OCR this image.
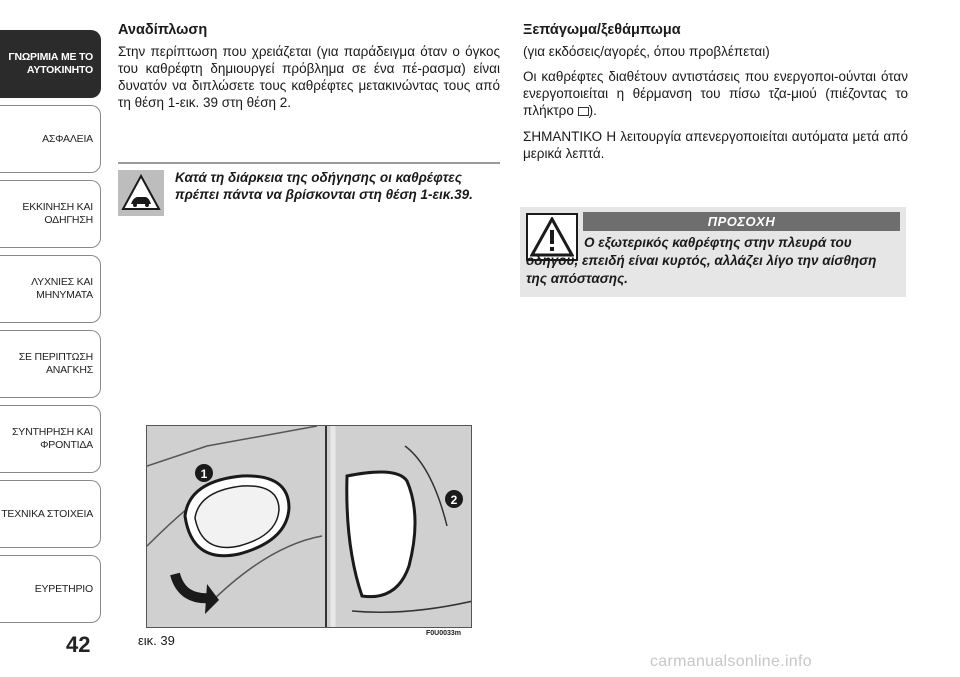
ΓΝΩΡΙΜΙΑ ΜΕ ΤΟ
ΑΥΤΟΚΙΝΗΤΟ
ΑΣΦΑΛΕΙΑ
ΕΚΚΙΝΗΣΗ ΚΑΙ
ΟΔΗΓΗΣΗ
ΛΥΧΝΙΕΣ ΚΑΙ
ΜΗΝΥΜΑΤΑ
ΣΕ ΠΕΡΙΠΤΩΣΗ
ΑΝΑΓΚΗΣ
ΣΥΝΤΗΡΗΣΗ ΚΑΙ
ΦΡΟΝΤΙΔΑ
ΤΕΧΝΙΚΑ ΣΤΟΙΧΕΙΑ
ΕΥΡΕΤΗΡΙΟ
42
Αναδίπλωση

Στην περίπτωση που χρειάζεται (για παράδειγμα όταν ο όγκος του καθρέφτη δημιουργεί πρόβλημα σε ένα πέ-ρασμα) είναι δυνατόν να διπλώσετε τους καθρέφτες μετακινώντας τους από τη θέση 1-εικ. 39 στη θέση 2.

Κατά τη διάρκεια της οδήγησης οι καθρέφτες πρέπει πάντα να βρίσκονται στη θέση 1-εικ.39.
1
2
εικ. 39	F0U0033m
Ξεπάγωμα/ξεθάμπωμα
(για εκδόσεις/αγορές, όπου προβλέπεται)

Οι καθρέφτες διαθέτουν αντιστάσεις που ενεργοποι-ούνται όταν ενεργοποιείται η θέρμανση του πίσω τζα-μιού (πιέζοντας το πλήκτρο ).

ΣΗΜΑΝΤΙΚΟ Η λειτουργία απενεργοποιείται αυτόματα μετά από μερικά λεπτά.

ΠΡΟΣΟΧΗ
Ο εξωτερικός καθρέφτης στην πλευρά του οδηγού, επειδή είναι κυρτός, αλλάζει λίγο την αίσθηση της απόστασης.
carmanualsonline.info
